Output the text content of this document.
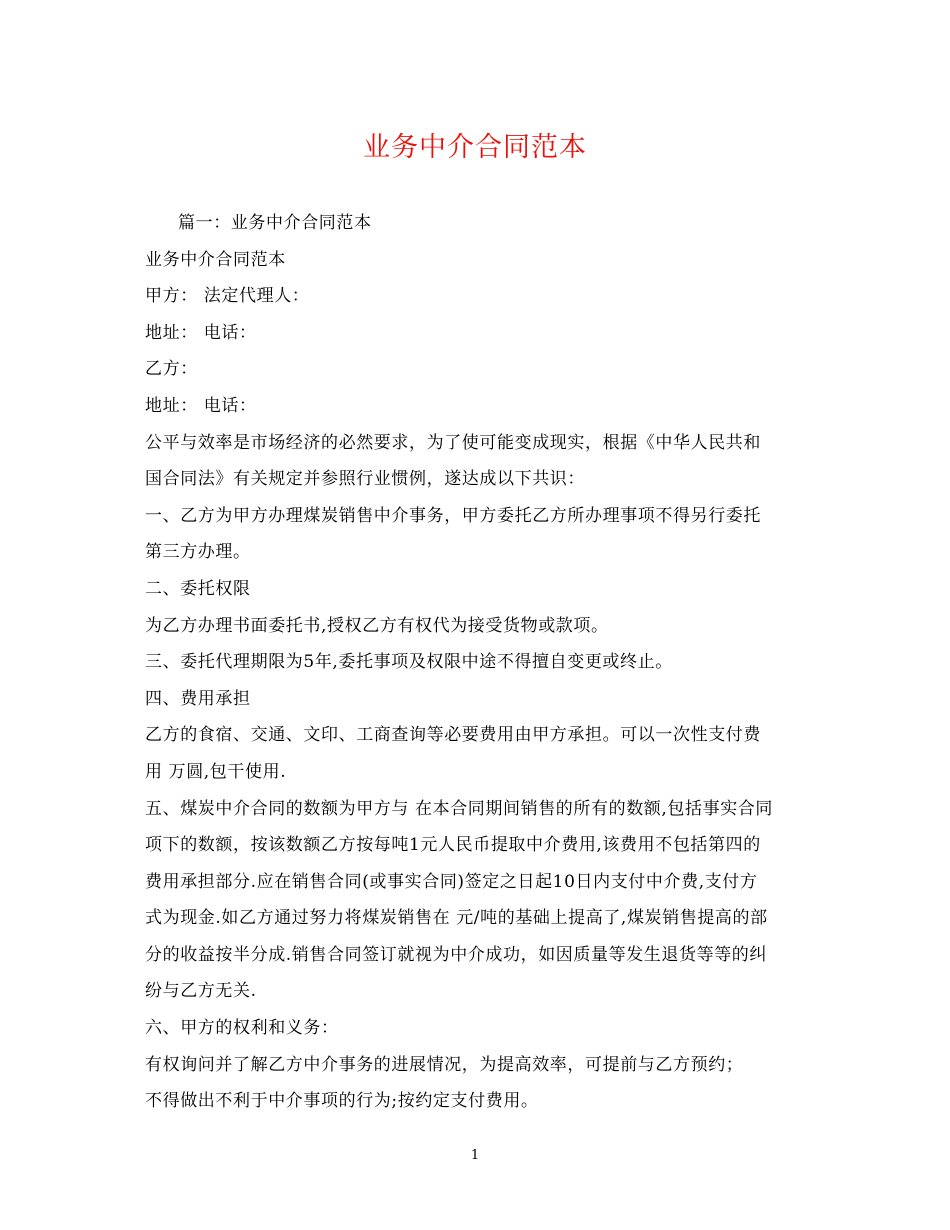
业务中介合同范本
篇一：业务中介合同范本
业务中介合同范本
甲方： 法定代理人：
地址： 电话：
乙方：
地址： 电话：
公平与效率是市场经济的必然要求，为了使可能变成现实，根据《中华人民共和
国合同法》有关规定并参照行业惯例，遂达成以下共识：
一、乙方为甲方办理煤炭销售中介事务，甲方委托乙方所办理事项不得另行委托
第三方办理。
二、委托权限
为乙方办理书面委托书,授权乙方有权代为接受货物或款项。
三、委托代理期限为5年,委托事项及权限中途不得擅自变更或终止。
四、费用承担
乙方的食宿、交通、文印、工商查询等必要费用由甲方承担。可以一次性支付费
用 万圆,包干使用.
五、煤炭中介合同的数额为甲方与 在本合同期间销售的所有的数额,包括事实合同
项下的数额，按该数额乙方按每吨1元人民币提取中介费用,该费用不包括第四的
费用承担部分.应在销售合同(或事实合同)签定之日起10日内支付中介费,支付方
式为现金.如乙方通过努力将煤炭销售在 元/吨的基础上提高了,煤炭销售提高的部
分的收益按半分成.销售合同签订就视为中介成功，如因质量等发生退货等等的纠
纷与乙方无关.
六、甲方的权利和义务：
有权询问并了解乙方中介事务的进展情况，为提高效率，可提前与乙方预约；
不得做出不利于中介事项的行为;按约定支付费用。
1
